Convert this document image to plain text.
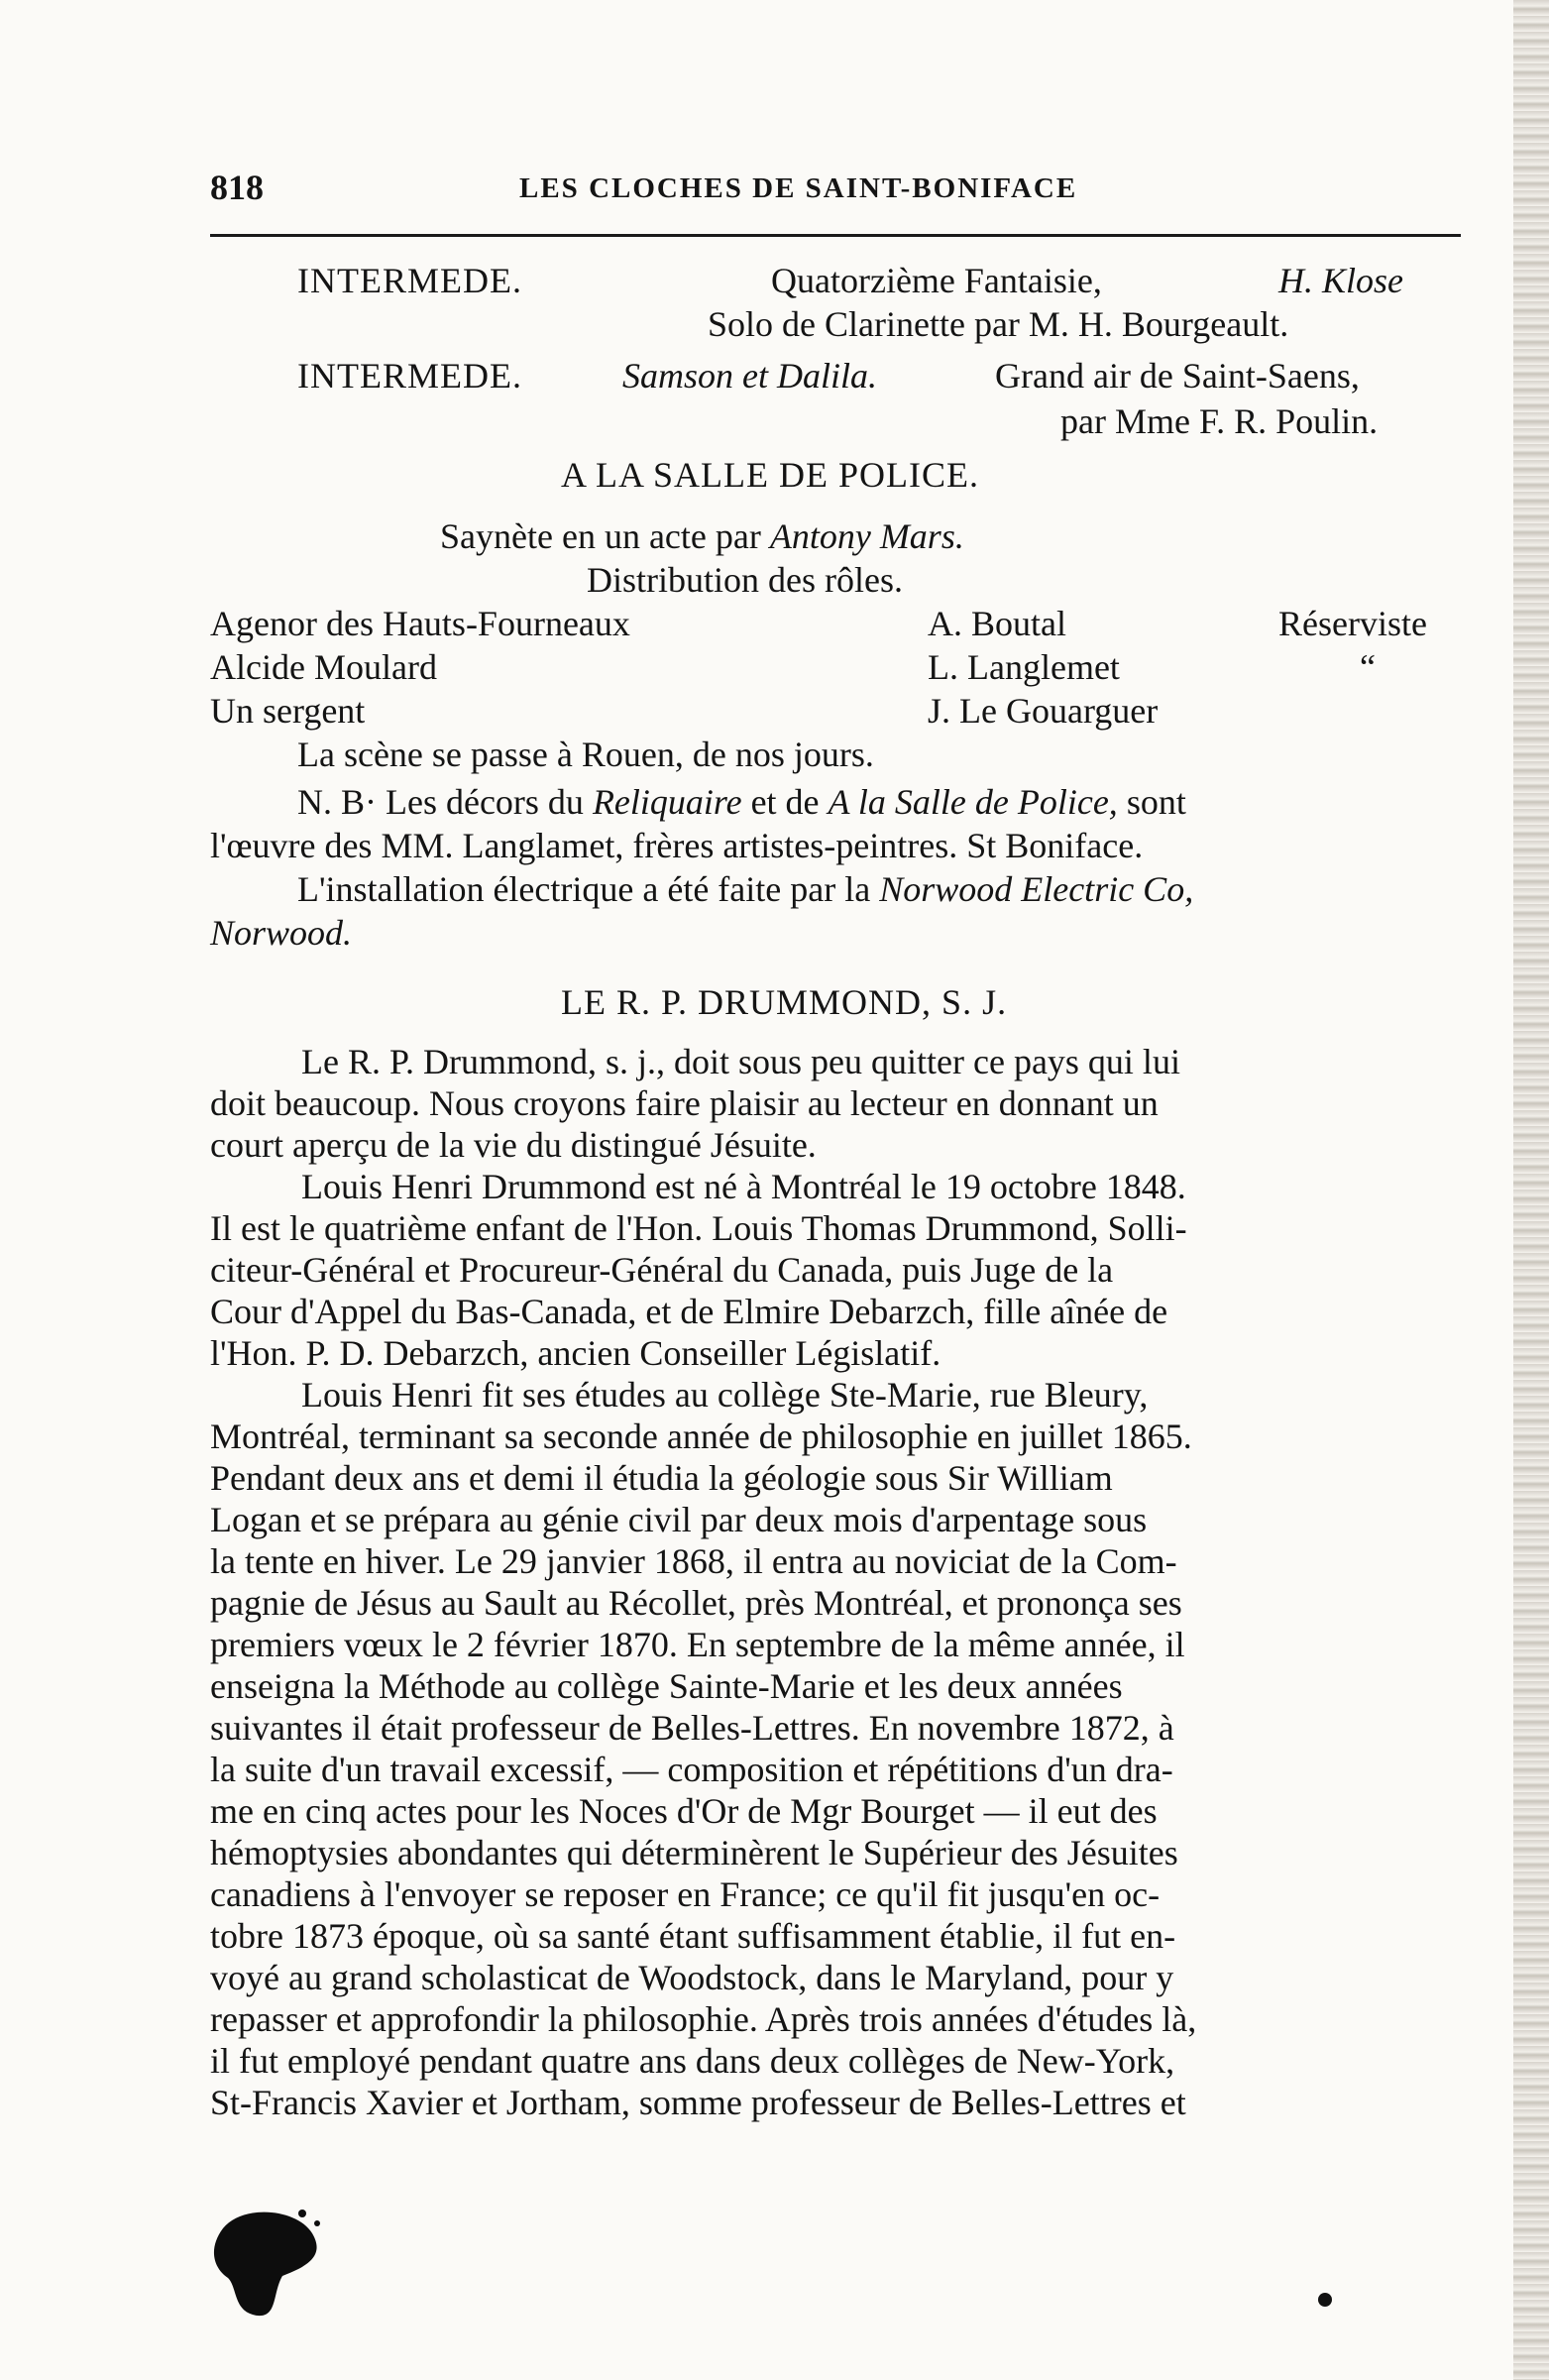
818	LES CLOCHES DE SAINT-BONIFACE
INTERMEDE.	Quatorzième Fantaisie,	H. Klose
Solo de Clarinette par M. H. Bourgeault.
INTERMEDE.	Samson et Dalila.	Grand air de Saint-Saens,
par Mme F. R. Poulin.
A LA SALLE DE POLICE.
Saynète en un acte par Antony Mars.
Distribution des rôles.
Agenor des Hauts-Fourneaux	A. Boutal	Réserviste
Alcide Moulard	L. Langlemet	“
Un sergent	J. Le Gouarguer
La scène se passe à Rouen, de nos jours.
N. B· Les décors du Reliquaire et de A la Salle de Police, sont
l'œuvre des MM. Langlamet, frères artistes-peintres. St Boniface.
L'installation électrique a été faite par la Norwood Electric Co,
Norwood.
LE R. P. DRUMMOND, S. J.
Le R. P. Drummond, s. j., doit sous peu quitter ce pays qui lui
doit beaucoup. Nous croyons faire plaisir au lecteur en donnant un
court aperçu de la vie du distingué Jésuite.
Louis Henri Drummond est né à Montréal le 19 octobre 1848.
Il est le quatrième enfant de l'Hon. Louis Thomas Drummond, Solli-
citeur-Général et Procureur-Général du Canada, puis Juge de la
Cour d'Appel du Bas-Canada, et de Elmire Debarzch, fille aînée de
l'Hon. P. D. Debarzch, ancien Conseiller Législatif.
Louis Henri fit ses études au collège Ste-Marie, rue Bleury,
Montréal, terminant sa seconde année de philosophie en juillet 1865.
Pendant deux ans et demi il étudia la géologie sous Sir William
Logan et se prépara au génie civil par deux mois d'arpentage sous
la tente en hiver. Le 29 janvier 1868, il entra au noviciat de la Com-
pagnie de Jésus au Sault au Récollet, près Montréal, et prononça ses
premiers vœux le 2 février 1870. En septembre de la même année, il
enseigna la Méthode au collège Sainte-Marie et les deux années
suivantes il était professeur de Belles-Lettres. En novembre 1872, à
la suite d'un travail excessif, — composition et répétitions d'un dra-
me en cinq actes pour les Noces d'Or de Mgr Bourget — il eut des
hémoptysies abondantes qui déterminèrent le Supérieur des Jésuites
canadiens à l'envoyer se reposer en France; ce qu'il fit jusqu'en oc-
tobre 1873 époque, où sa santé étant suffisamment établie, il fut en-
voyé au grand scholasticat de Woodstock, dans le Maryland, pour y
repasser et approfondir la philosophie. Après trois années d'études là,
il fut employé pendant quatre ans dans deux collèges de New-York,
St-Francis Xavier et Jortham, somme professeur de Belles-Lettres et
